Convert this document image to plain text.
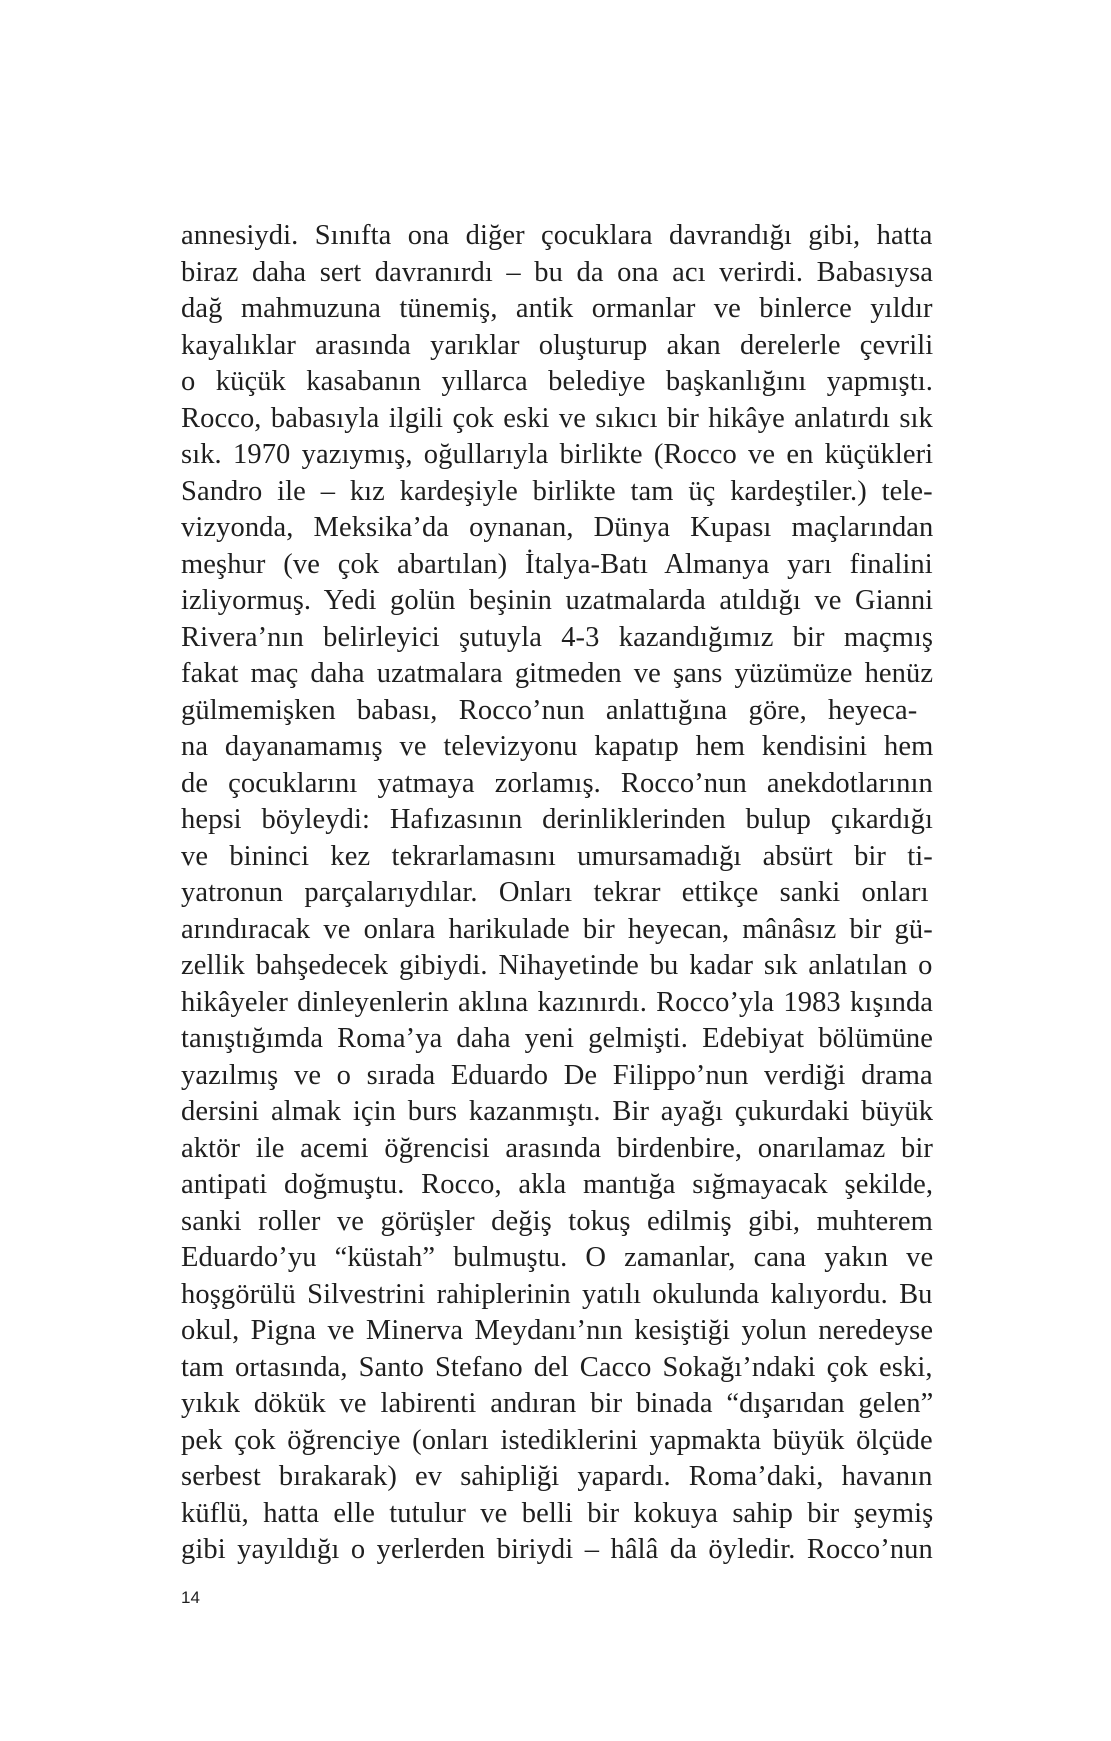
annesiydi. Sınıfta ona diğer çocuklara davrandığı gibi, hatta
biraz daha sert davranırdı – bu da ona acı verirdi. Babasıysa
dağ mahmuzuna tünemiş, antik ormanlar ve binlerce yıldır
kayalıklar arasında yarıklar oluşturup akan derelerle çevrili
o küçük kasabanın yıllarca belediye başkanlığını yapmıştı.
Rocco, babasıyla ilgili çok eski ve sıkıcı bir hikâye anlatırdı sık
sık. 1970 yazıymış, oğullarıyla birlikte (Rocco ve en küçükleri
Sandro ile – kız kardeşiyle birlikte tam üç kardeştiler.) tele-
vizyonda, Meksika’da oynanan, Dünya Kupası maçlarından
meşhur (ve çok abartılan) İtalya-Batı Almanya yarı finalini
izliyormuş. Yedi golün beşinin uzatmalarda atıldığı ve Gianni
Rivera’nın belirleyici şutuyla 4-3 kazandığımız bir maçmış
fakat maç daha uzatmalara gitmeden ve şans yüzümüze henüz
gülmemişken babası, Rocco’nun anlattığına göre, heyeca-
na dayanamamış ve televizyonu kapatıp hem kendisini hem
de çocuklarını yatmaya zorlamış. Rocco’nun anekdotlarının
hepsi böyleydi: Hafızasının derinliklerinden bulup çıkardığı
ve bininci kez tekrarlamasını umursamadığı absürt bir ti-
yatronun parçalarıydılar. Onları tekrar ettikçe sanki onları
arındıracak ve onlara harikulade bir heyecan, mânâsız bir gü-
zellik bahşedecek gibiydi. Nihayetinde bu kadar sık anlatılan o
hikâyeler dinleyenlerin aklına kazınırdı. Rocco’yla 1983 kışında
tanıştığımda Roma’ya daha yeni gelmişti. Edebiyat bölümüne
yazılmış ve o sırada Eduardo De Filippo’nun verdiği drama
dersini almak için burs kazanmıştı. Bir ayağı çukurdaki büyük
aktör ile acemi öğrencisi arasında birdenbire, onarılamaz bir
antipati doğmuştu. Rocco, akla mantığa sığmayacak şekilde,
sanki roller ve görüşler değiş tokuş edilmiş gibi, muhterem
Eduardo’yu “küstah” bulmuştu. O zamanlar, cana yakın ve
hoşgörülü Silvestrini rahiplerinin yatılı okulunda kalıyordu. Bu
okul, Pigna ve Minerva Meydanı’nın kesiştiği yolun neredeyse
tam ortasında, Santo Stefano del Cacco Sokağı’ndaki çok eski,
yıkık dökük ve labirenti andıran bir binada “dışarıdan gelen”
pek çok öğrenciye (onları istediklerini yapmakta büyük ölçüde
serbest bırakarak) ev sahipliği yapardı. Roma’daki, havanın
küflü, hatta elle tutulur ve belli bir kokuya sahip bir şeymiş
gibi yayıldığı o yerlerden biriydi – hâlâ da öyledir. Rocco’nun
14
